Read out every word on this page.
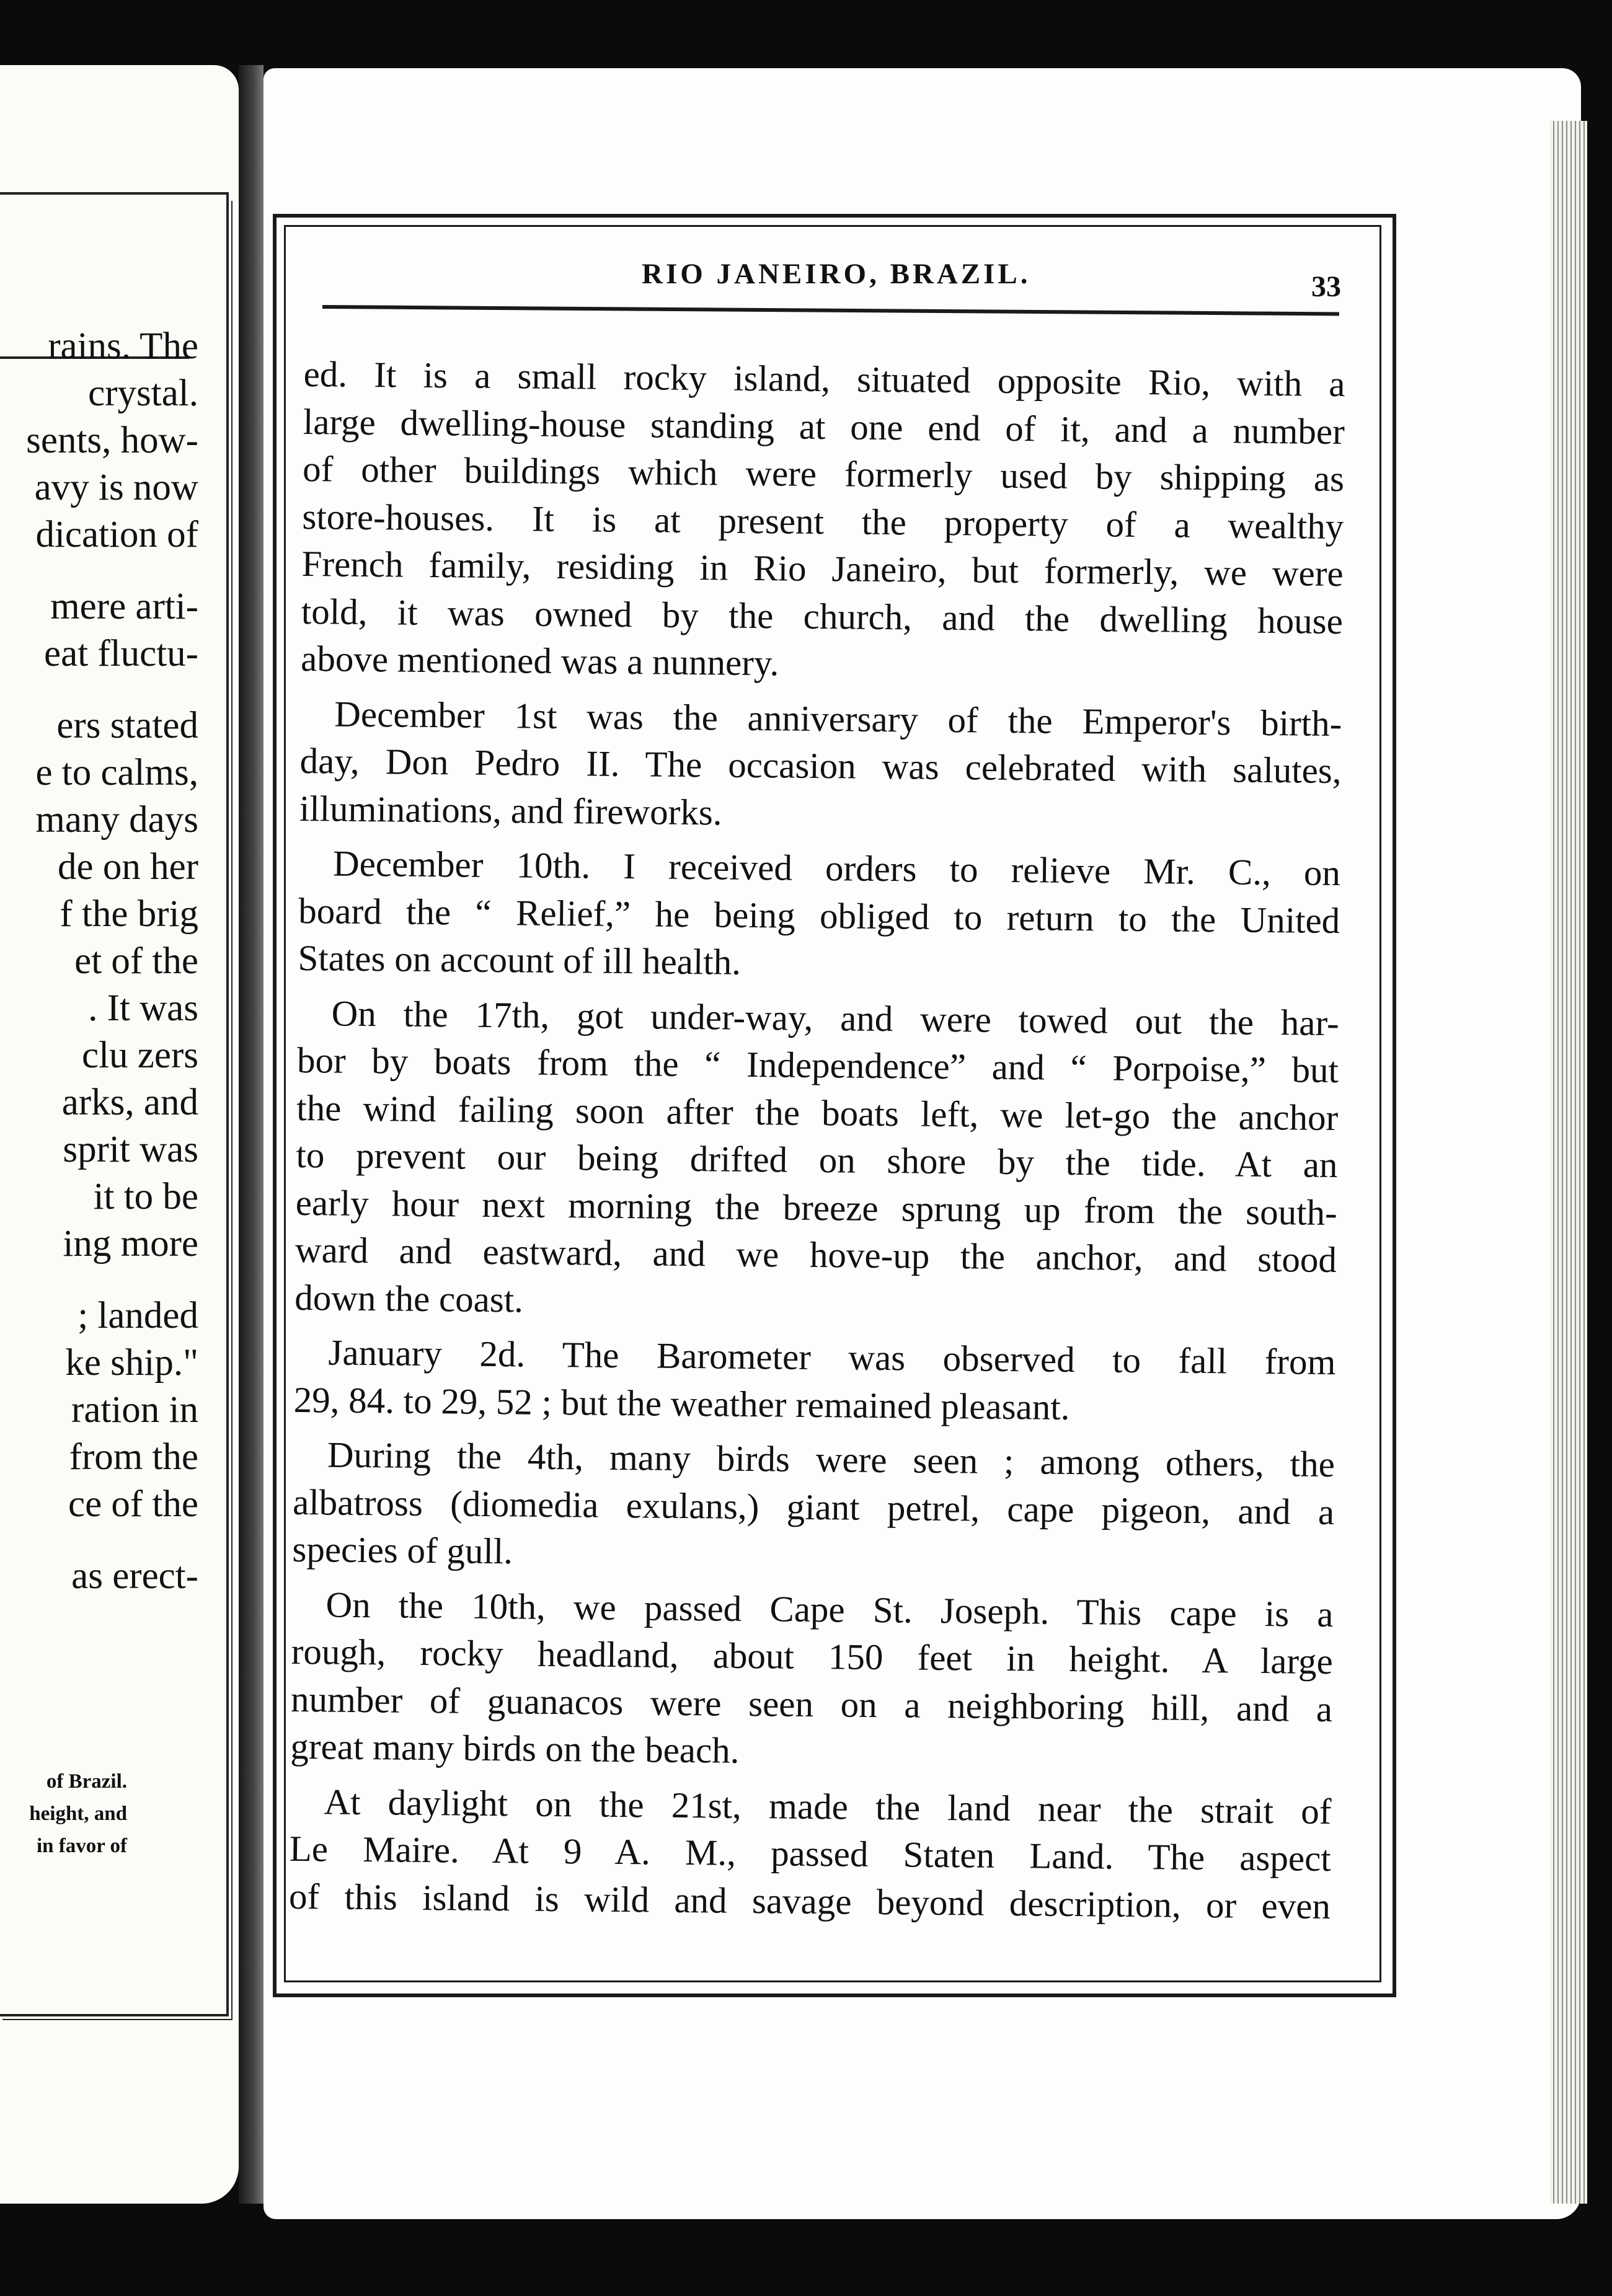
rains. The
crystal.
sents, how-
avy is now
dication of
mere arti-
eat fluctu-
ers stated
e to calms,
many days
de on her
f the brig
et of the
. It was
clu zers
arks, and
sprit was
it to be
ing more
; landed
ke ship."
ration in
from the
ce of the
as erect-
of Brazil.
height, and
in favor of
RIO JANEIRO, BRAZIL.	33
ed. It is a small rocky island, situated opposite Rio, with a
large dwelling-house standing at one end of it, and a number
of other buildings which were formerly used by shipping as
store-houses. It is at present the property of a wealthy
French family, residing in Rio Janeiro, but formerly, we were
told, it was owned by the church, and the dwelling house
above mentioned was a nunnery.
December 1st was the anniversary of the Emperor's birth-
day, Don Pedro II. The occasion was celebrated with salutes,
illuminations, and fireworks.
December 10th. I received orders to relieve Mr. C., on
board the “ Relief,” he being obliged to return to the United
States on account of ill health.
On the 17th, got under-way, and were towed out the har-
bor by boats from the “ Independence” and “ Porpoise,” but
the wind failing soon after the boats left, we let-go the anchor
to prevent our being drifted on shore by the tide. At an
early hour next morning the breeze sprung up from the south-
ward and eastward, and we hove-up the anchor, and stood
down the coast.
January 2d. The Barometer was observed to fall from
29, 84. to 29, 52 ; but the weather remained pleasant.
During the 4th, many birds were seen ; among others, the
albatross (diomedia exulans,) giant petrel, cape pigeon, and a
species of gull.
On the 10th, we passed Cape St. Joseph. This cape is a
rough, rocky headland, about 150 feet in height. A large
number of guanacos were seen on a neighboring hill, and a
great many birds on the beach.
At daylight on the 21st, made the land near the strait of
Le Maire. At 9 A. M., passed Staten Land. The aspect
of this island is wild and savage beyond description, or even
